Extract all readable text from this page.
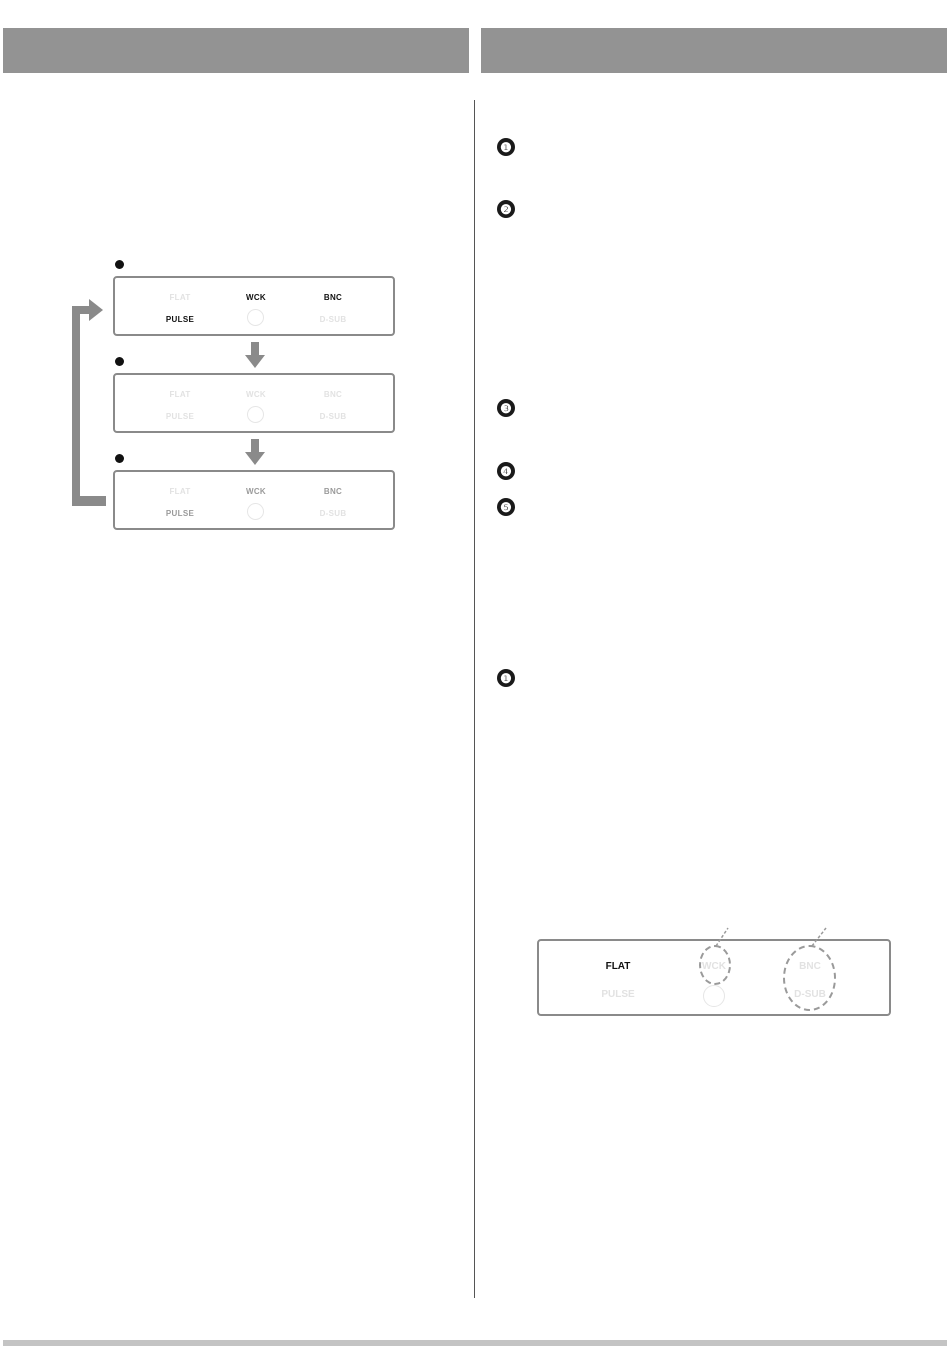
FLAT	WCK	BNC
PULSE	D-SUB
FLAT	WCK	BNC
PULSE	D-SUB
FLAT	WCK	BNC
PULSE	D-SUB
❶
❷
❸
❹
❺
❶
FLAT	WCK	BNC
PULSE	D-SUB
